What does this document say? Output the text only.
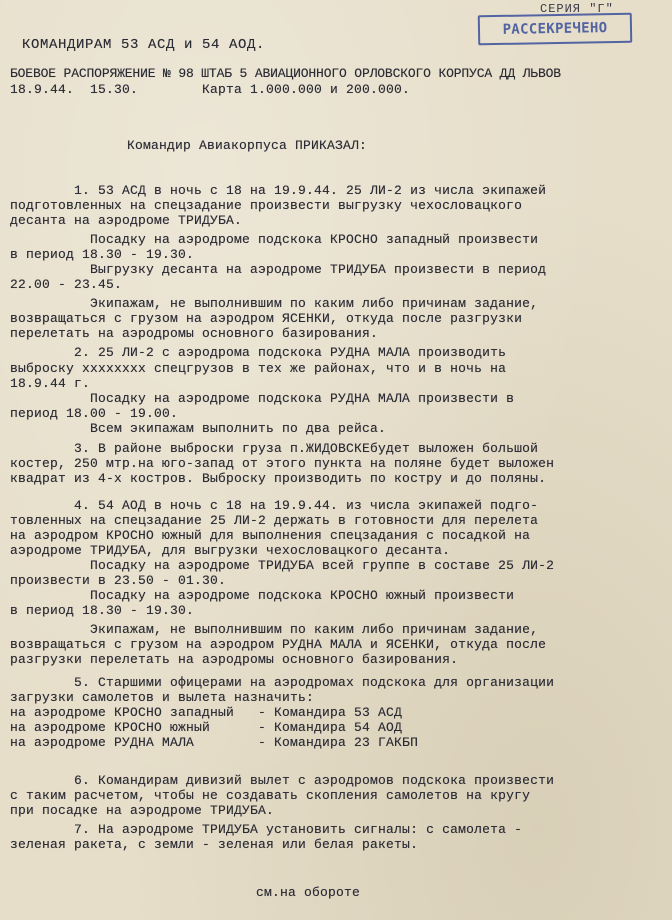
СЕРИЯ "Г"
РАССЕКРЕЧЕНО
КОМАНДИРАМ 53 АСД и 54 АОД.
БОЕВОЕ РАСПОРЯЖЕНИЕ № 98 ШТАБ 5 АВИАЦИОННОГО ОРЛОВСКОГО КОРПУСА ДД ЛЬВОВ
18.9.44.  15.30.        Карта 1.000.000 и 200.000.
Командир Авиакорпуса ПРИКАЗАЛ:
1. 53 АСД в ночь с 18 на 19.9.44. 25 ЛИ-2 из числа экипажей
подготовленных на спецзадание произвести выгрузку чехословацкого
десанта на аэродроме ТРИДУБА.
Посадку на аэродроме подскока КРОСНО западный произвести
в период 18.30 - 19.30.
Выгрузку десанта на аэродроме ТРИДУБА произвести в период
22.00 - 23.45.
Экипажам, не выполнившим по каким либо причинам задание,
возвращаться с грузом на аэродром ЯСЕНКИ, откуда после разгрузки
перелетать на аэродромы основного базирования.
2. 25 ЛИ-2 с аэродрома подскока РУДНА МАЛА производить
выброску xxxxxxxx спецгрузов в тех же районах, что и в ночь на
18.9.44 г.
Посадку на аэродроме подскока РУДНА МАЛА произвести в
период 18.00 - 19.00.
Всем экипажам выполнить по два рейса.
3. В районе выброски груза п.ЖИДОВСКЕбудет выложен большой
костер, 250 мтр.на юго-запад от этого пункта на поляне будет выложен
квадрат из 4-х костров. Выброску производить по костру и до поляны.
4. 54 АОД в ночь с 18 на 19.9.44. из числа экипажей подго-
товленных на спецзадание 25 ЛИ-2 держать в готовности для перелета
на аэродром КРОСНО южный для выполнения спецзадания с посадкой на
аэродроме ТРИДУБА, для выгрузки чехословацкого десанта.
Посадку на аэродроме ТРИДУБА всей группе в составе 25 ЛИ-2
произвести в 23.50 - 01.30.
Посадку на аэродроме подскока КРОСНО южный произвести
в период 18.30 - 19.30.
Экипажам, не выполнившим по каким либо причинам задание,
возвращаться с грузом на аэродром РУДНА МАЛА и ЯСЕНКИ, откуда после
разгрузки перелетать на аэродромы основного базирования.
5. Старшими офицерами на аэродромах подскока для организации
загрузки самолетов и вылета назначить:
на аэродроме КРОСНО западный   - Командира 53 АСД
на аэродроме КРОСНО южный      - Командира 54 АОД
на аэродроме РУДНА МАЛА        - Командира 23 ГАКБП
6. Командирам дивизий вылет с аэродромов подскока произвести
с таким расчетом, чтобы не создавать скопления самолетов на кругу
при посадке на аэродроме ТРИДУБА.
7. На аэродроме ТРИДУБА установить сигналы: с самолета -
зеленая ракета, с земли - зеленая или белая ракеты.
см.на обороте
